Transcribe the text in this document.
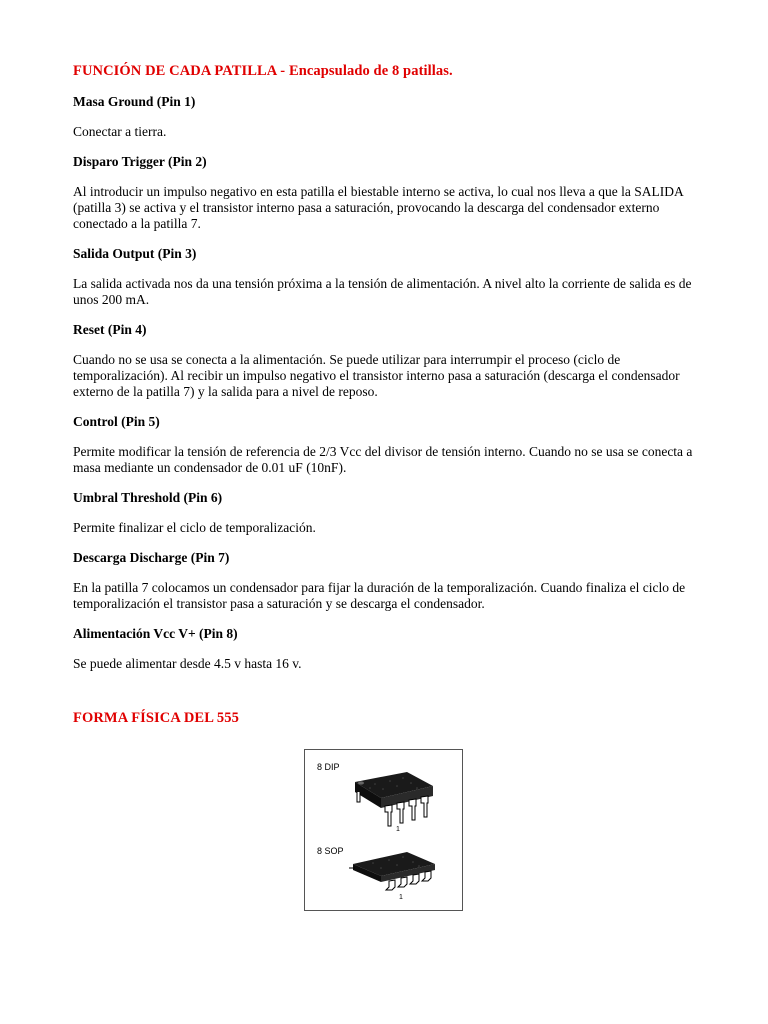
FUNCIÓN DE CADA PATILLA - Encapsulado de 8 patillas.

Masa Ground (Pin 1)

Conectar a tierra.

Disparo Trigger (Pin 2)

Al introducir un impulso negativo en esta patilla el biestable interno se activa, lo cual nos lleva a que la SALIDA (patilla 3) se activa y el transistor interno pasa a saturación, provocando la descarga del condensador externo conectado a la patilla 7.

Salida Output (Pin 3)

La salida activada nos da una tensión próxima a la tensión de alimentación. A nivel alto la corriente de salida es de unos 200 mA.

Reset (Pin 4)

Cuando no se usa se conecta a la alimentación. Se puede utilizar para interrumpir el proceso (ciclo de temporalización). Al recibir un impulso negativo el transistor interno pasa a saturación (descarga el condensador externo de la patilla 7) y la salida para a nivel de reposo.

Control (Pin 5)

Permite modificar la tensión de referencia de 2/3 Vcc del divisor de tensión interno. Cuando no se usa se conecta a masa mediante un condensador de 0.01 uF (10nF).

Umbral Threshold (Pin 6)

Permite finalizar el ciclo de temporalización.

Descarga Discharge (Pin 7)

En la patilla 7 colocamos un condensador para fijar la duración de la temporalización. Cuando finaliza el ciclo de temporalización el transistor pasa a saturación y se descarga el condensador.

Alimentación Vcc V+ (Pin 8)

Se puede alimentar desde 4.5 v hasta 16 v.

FORMA FÍSICA DEL 555

8 DIP
1
8 SOP
1
